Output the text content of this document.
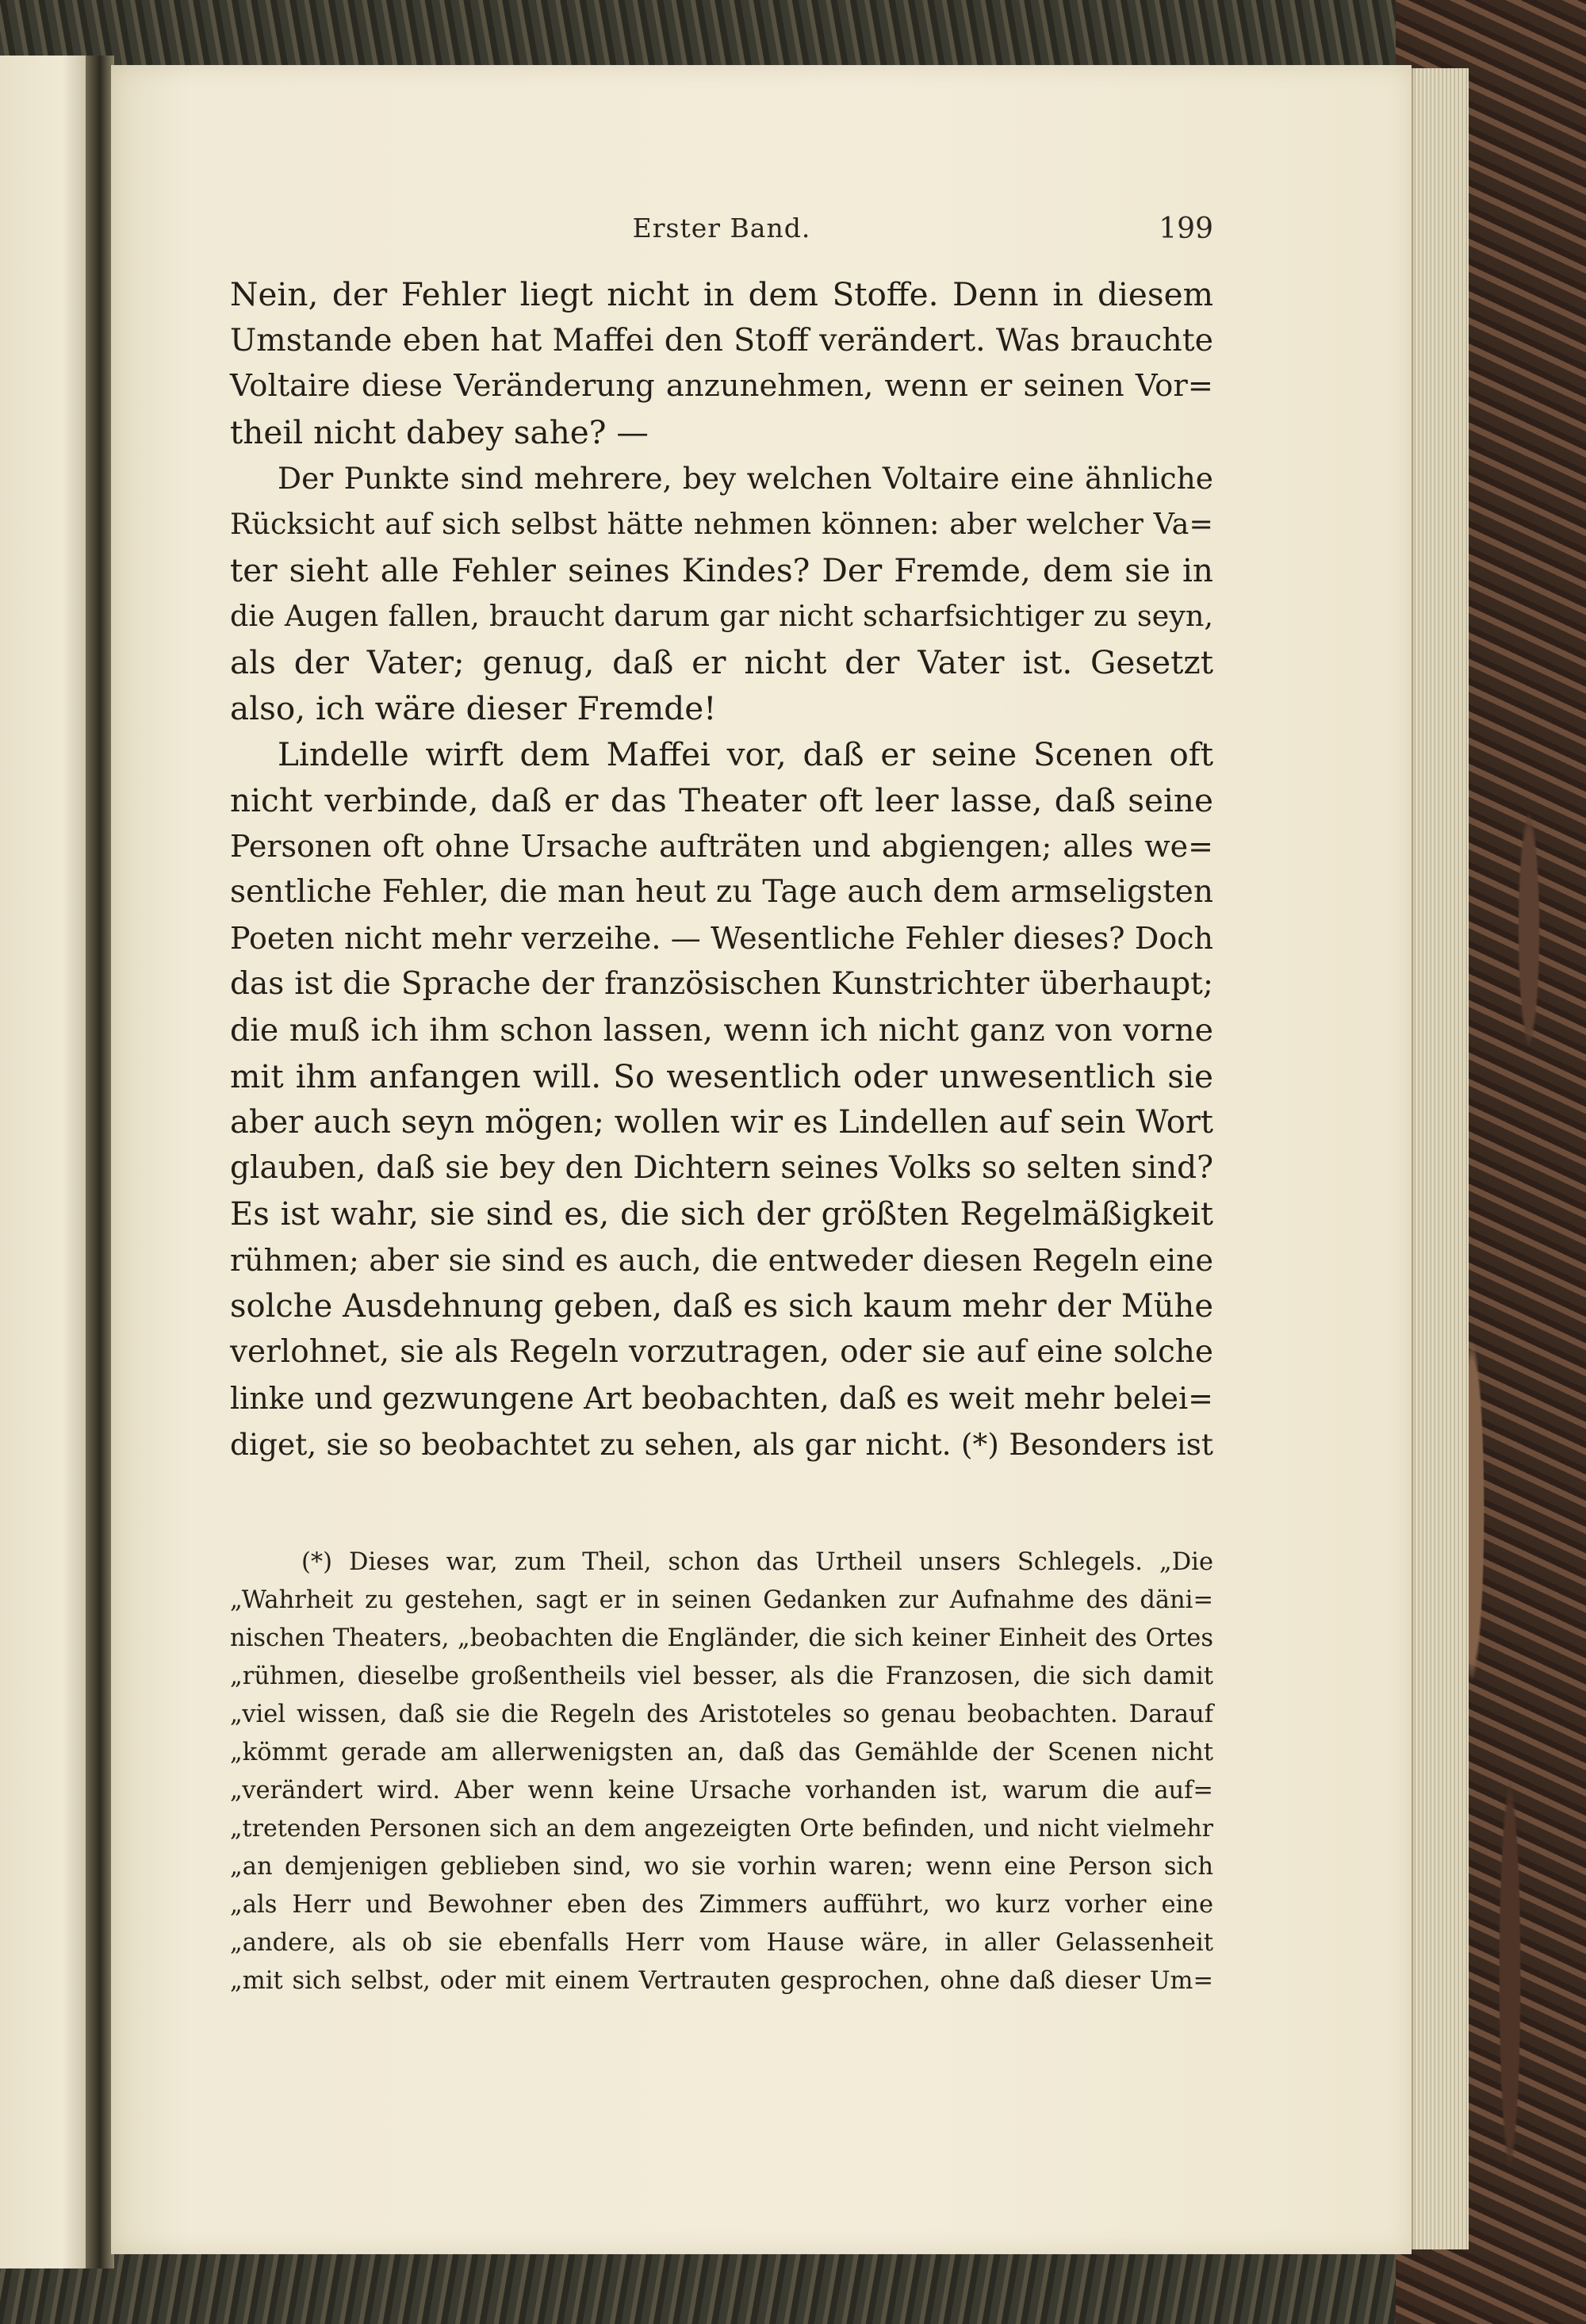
Erster Band.	199
Nein, der Fehler liegt nicht in dem Stoffe. Denn in diesem
Umstande eben hat Maffei den Stoff verändert. Was brauchte
Voltaire diese Veränderung anzunehmen, wenn er seinen Vor=
theil nicht dabey sahe? —
Der Punkte sind mehrere, bey welchen Voltaire eine ähnliche
Rücksicht auf sich selbst hätte nehmen können: aber welcher Va=
ter sieht alle Fehler seines Kindes? Der Fremde, dem sie in
die Augen fallen, braucht darum gar nicht scharfsichtiger zu seyn,
als der Vater; genug, daß er nicht der Vater ist. Gesetzt
also, ich wäre dieser Fremde!
Lindelle wirft dem Maffei vor, daß er seine Scenen oft
nicht verbinde, daß er das Theater oft leer lasse, daß seine
Personen oft ohne Ursache aufträten und abgiengen; alles we=
sentliche Fehler, die man heut zu Tage auch dem armseligsten
Poeten nicht mehr verzeihe. — Wesentliche Fehler dieses? Doch
das ist die Sprache der französischen Kunstrichter überhaupt;
die muß ich ihm schon lassen, wenn ich nicht ganz von vorne
mit ihm anfangen will. So wesentlich oder unwesentlich sie
aber auch seyn mögen; wollen wir es Lindellen auf sein Wort
glauben, daß sie bey den Dichtern seines Volks so selten sind?
Es ist wahr, sie sind es, die sich der größten Regelmäßigkeit
rühmen; aber sie sind es auch, die entweder diesen Regeln eine
solche Ausdehnung geben, daß es sich kaum mehr der Mühe
verlohnet, sie als Regeln vorzutragen, oder sie auf eine solche
linke und gezwungene Art beobachten, daß es weit mehr belei=
diget, sie so beobachtet zu sehen, als gar nicht. (*) Besonders ist
(*) Dieses war, zum Theil, schon das Urtheil unsers Schlegels. „Die
„Wahrheit zu gestehen, sagt er in seinen Gedanken zur Aufnahme des däni=
nischen Theaters, „beobachten die Engländer, die sich keiner Einheit des Ortes
„rühmen, dieselbe großentheils viel besser, als die Franzosen, die sich damit
„viel wissen, daß sie die Regeln des Aristoteles so genau beobachten. Darauf
„kömmt gerade am allerwenigsten an, daß das Gemählde der Scenen nicht
„verändert wird. Aber wenn keine Ursache vorhanden ist, warum die auf=
„tretenden Personen sich an dem angezeigten Orte befinden, und nicht vielmehr
„an demjenigen geblieben sind, wo sie vorhin waren; wenn eine Person sich
„als Herr und Bewohner eben des Zimmers aufführt, wo kurz vorher eine
„andere, als ob sie ebenfalls Herr vom Hause wäre, in aller Gelassenheit
„mit sich selbst, oder mit einem Vertrauten gesprochen, ohne daß dieser Um=
